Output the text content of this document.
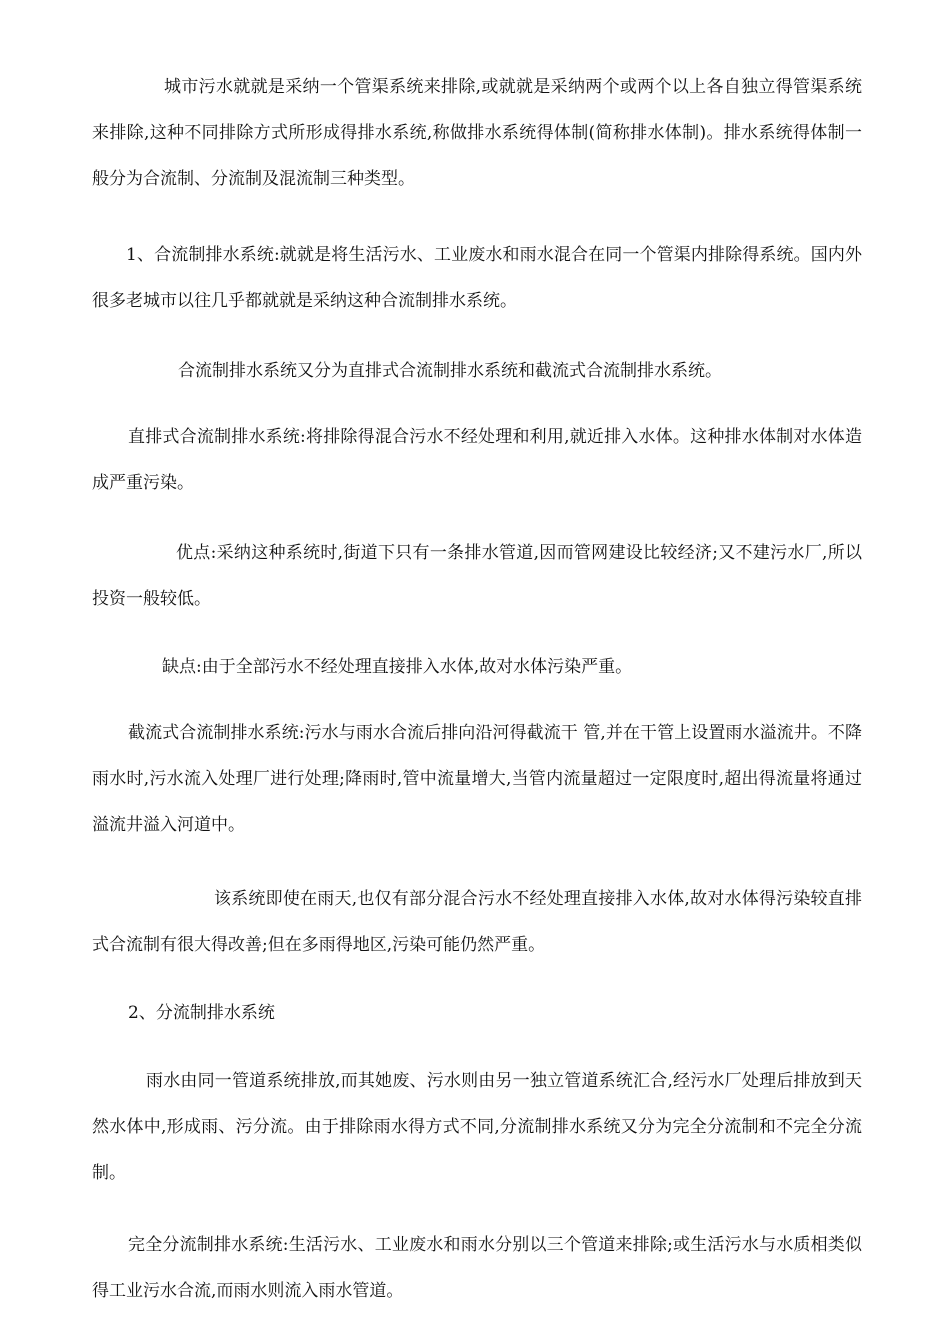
城市污水就就是采纳一个管渠系统来排除,或就就是采纳两个或两个以上各自独立得管渠系统来排除,这种不同排除方式所形成得排水系统,称做排水系统得体制(简称排水体制)。排水系统得体制一般分为合流制、分流制及混流制三种类型。

1、合流制排水系统:就就是将生活污水、工业废水和雨水混合在同一个管渠内排除得系统。国内外很多老城市以往几乎都就就是采纳这种合流制排水系统。

合流制排水系统又分为直排式合流制排水系统和截流式合流制排水系统。

直排式合流制排水系统:将排除得混合污水不经处理和利用,就近排入水体。这种排水体制对水体造成严重污染。

优点:采纳这种系统时,街道下只有一条排水管道,因而管网建设比较经济;又不建污水厂,所以投资一般较低。

缺点:由于全部污水不经处理直接排入水体,故对水体污染严重。

截流式合流制排水系统:污水与雨水合流后排向沿河得截流干 管,并在干管上设置雨水溢流井。不降雨水时,污水流入处理厂进行处理;降雨时,管中流量增大,当管内流量超过一定限度时,超出得流量将通过溢流井溢入河道中。

该系统即使在雨天,也仅有部分混合污水不经处理直接排入水体,故对水体得污染较直排式合流制有很大得改善;但在多雨得地区,污染可能仍然严重。

2、分流制排水系统

雨水由同一管道系统排放,而其她废、污水则由另一独立管道系统汇合,经污水厂处理后排放到天然水体中,形成雨、污分流。由于排除雨水得方式不同,分流制排水系统又分为完全分流制和不完全分流制。

完全分流制排水系统:生活污水、工业废水和雨水分别以三个管道来排除;或生活污水与水质相类似得工业污水合流,而雨水则流入雨水管道。
